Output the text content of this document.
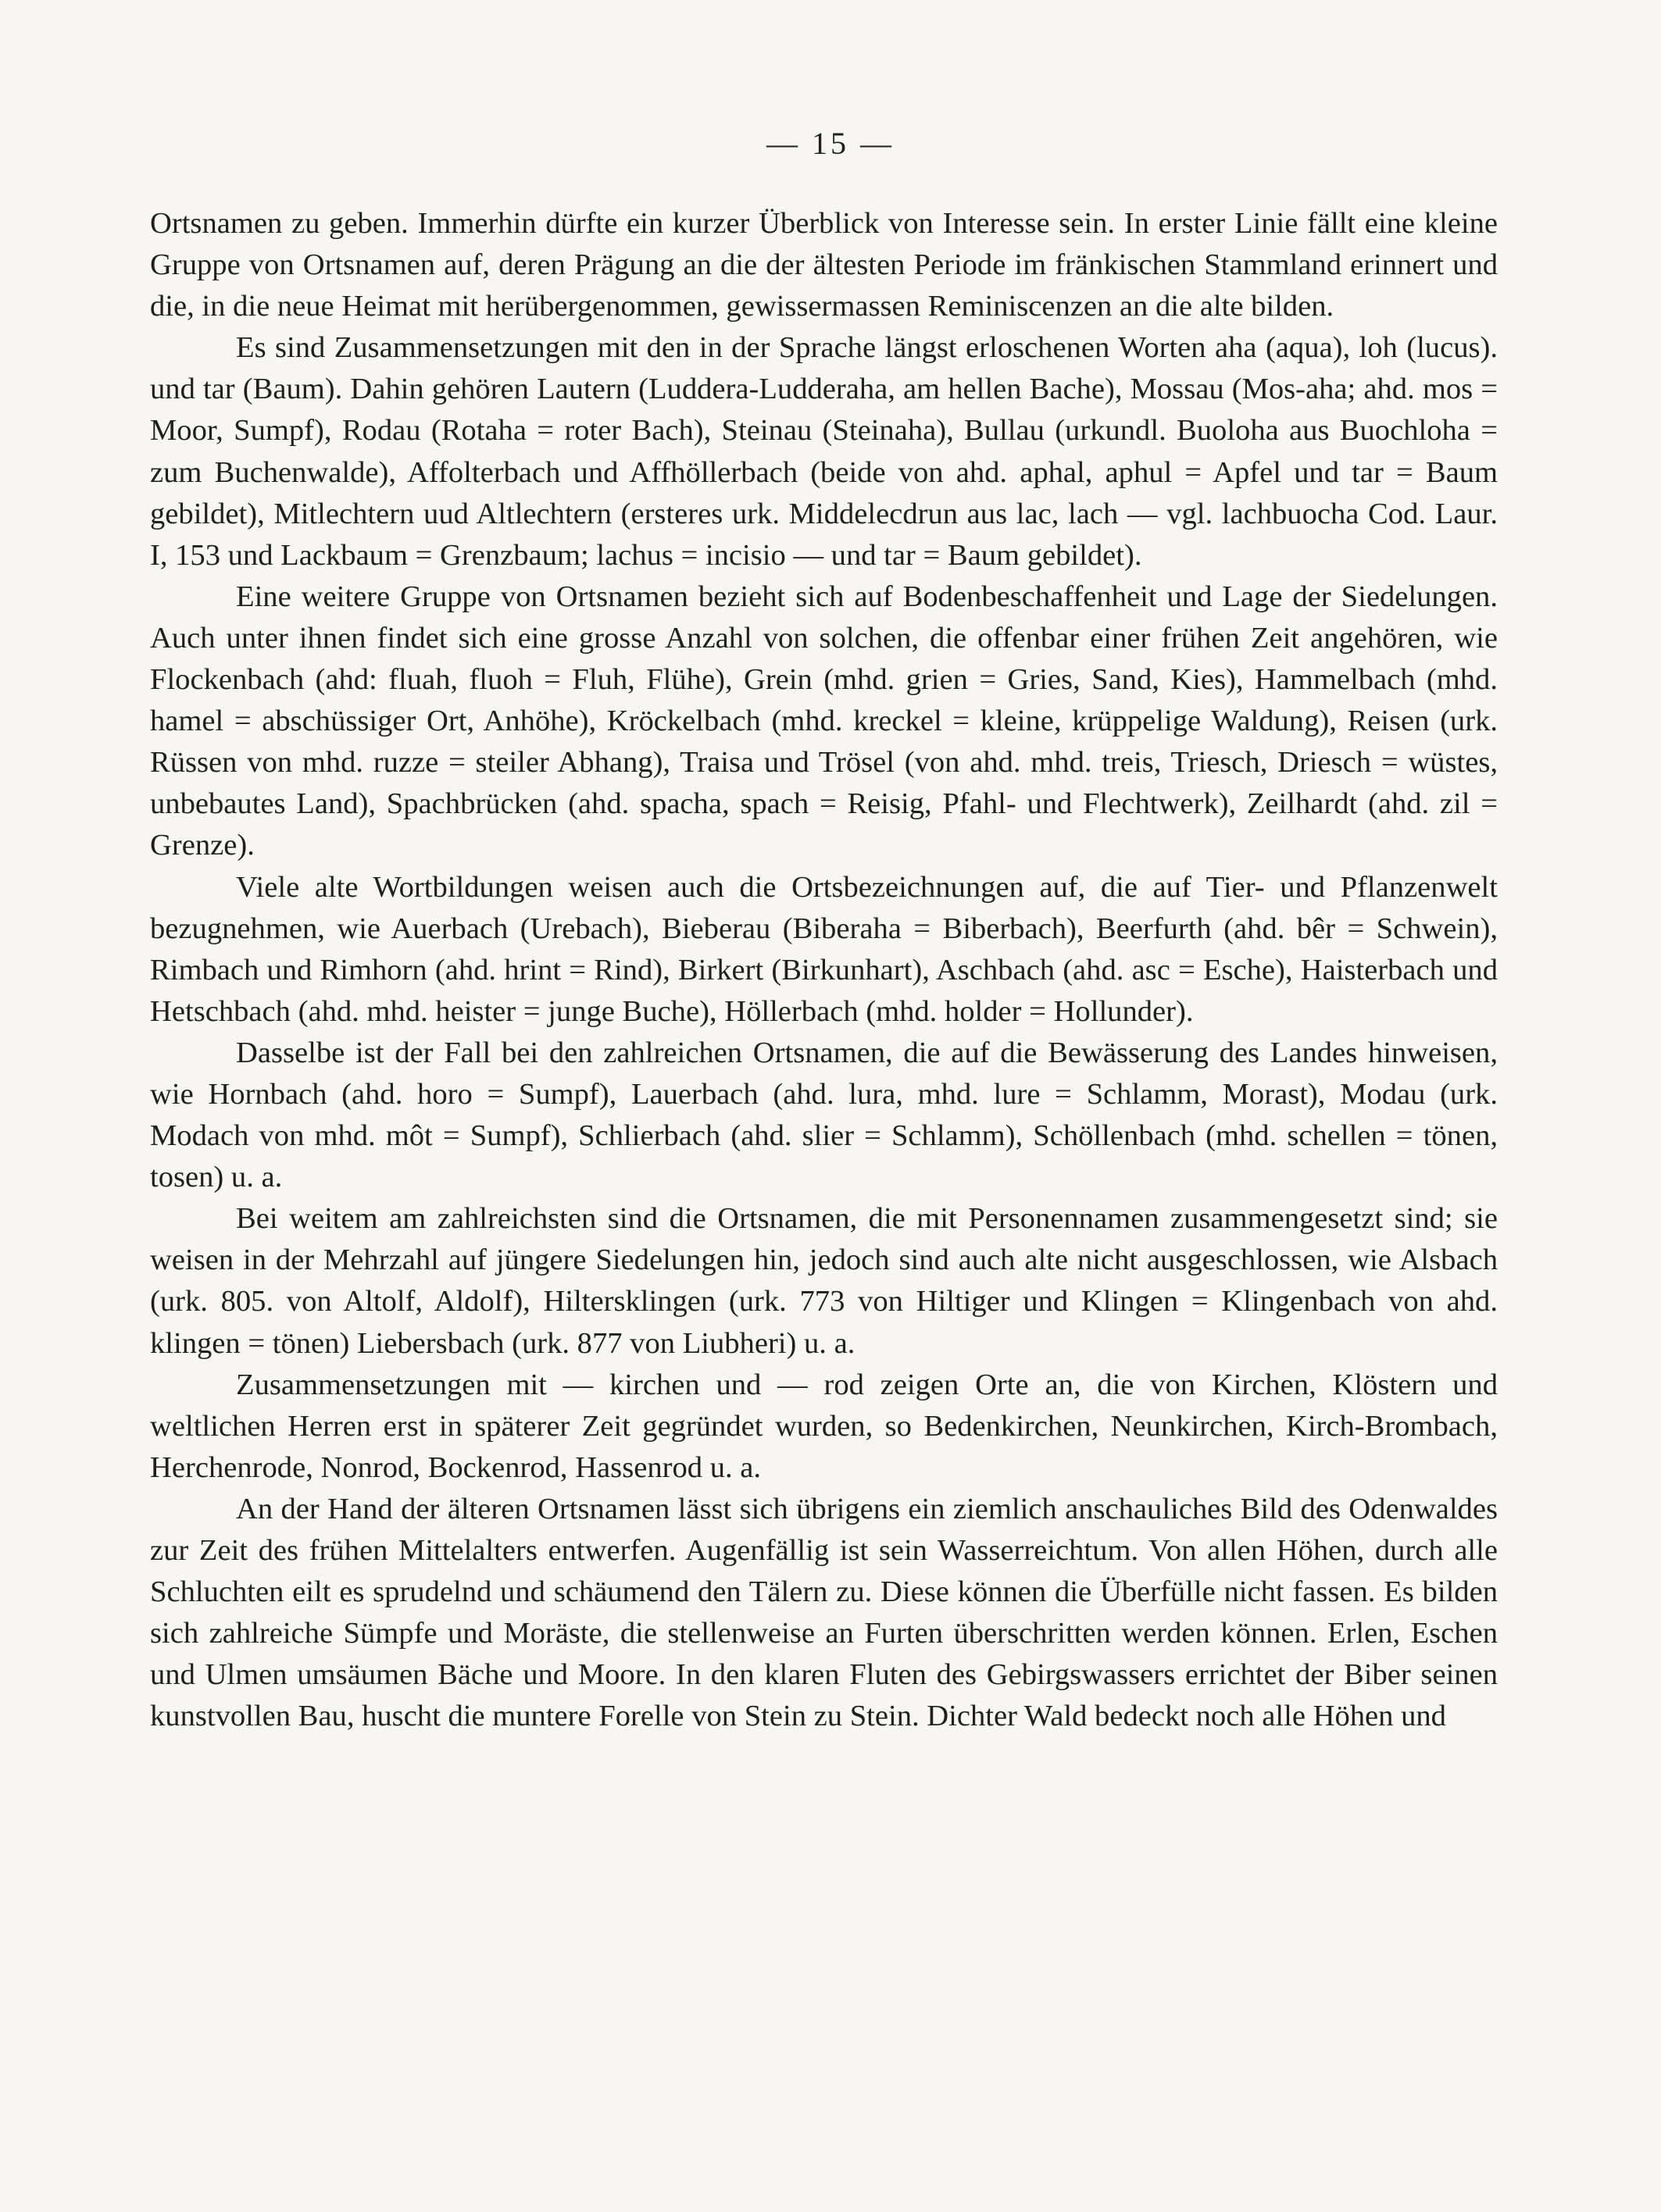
— 15 —

Ortsnamen zu geben. Immerhin dürfte ein kurzer Überblick von Interesse sein. In erster Linie fällt eine kleine Gruppe von Ortsnamen auf, deren Prägung an die der ältesten Periode im fränkischen Stammland erinnert und die, in die neue Heimat mit herübergenommen, gewissermassen Reminiscenzen an die alte bilden.

Es sind Zusammensetzungen mit den in der Sprache längst erloschenen Worten aha (aqua), loh (lucus). und tar (Baum). Dahin gehören Lautern (Luddera-Ludderaha, am hellen Bache), Mossau (Mos-aha; ahd. mos = Moor, Sumpf), Rodau (Rotaha = roter Bach), Steinau (Steinaha), Bullau (urkundl. Buoloha aus Buochloha = zum Buchenwalde), Affolterbach und Affhöllerbach (beide von ahd. aphal, aphul = Apfel und tar = Baum gebildet), Mitlechtern uud Altlechtern (ersteres urk. Middelecdrun aus lac, lach — vgl. lachbuocha Cod. Laur. I, 153 und Lackbaum = Grenzbaum; lachus = incisio — und tar = Baum gebildet).

Eine weitere Gruppe von Ortsnamen bezieht sich auf Bodenbeschaffenheit und Lage der Siedelungen. Auch unter ihnen findet sich eine grosse Anzahl von solchen, die offenbar einer frühen Zeit angehören, wie Flockenbach (ahd: fluah, fluoh = Fluh, Flühe), Grein (mhd. grien = Gries, Sand, Kies), Hammelbach (mhd. hamel = abschüssiger Ort, Anhöhe), Kröckelbach (mhd. kreckel = kleine, krüppelige Waldung), Reisen (urk. Rüssen von mhd. ruzze = steiler Abhang), Traisa und Trösel (von ahd. mhd. treis, Triesch, Driesch = wüstes, unbebautes Land), Spachbrücken (ahd. spacha, spach = Reisig, Pfahl- und Flechtwerk), Zeilhardt (ahd. zil = Grenze).

Viele alte Wortbildungen weisen auch die Ortsbezeichnungen auf, die auf Tier- und Pflanzenwelt bezugnehmen, wie Auerbach (Urebach), Bieberau (Biberaha = Biberbach), Beerfurth (ahd. bêr = Schwein), Rimbach und Rimhorn (ahd. hrint = Rind), Birkert (Birkunhart), Aschbach (ahd. asc = Esche), Haisterbach und Hetschbach (ahd. mhd. heister = junge Buche), Höllerbach (mhd. holder = Hollunder).

Dasselbe ist der Fall bei den zahlreichen Ortsnamen, die auf die Bewässerung des Landes hinweisen, wie Hornbach (ahd. horo = Sumpf), Lauerbach (ahd. lura, mhd. lure = Schlamm, Morast), Modau (urk. Modach von mhd. môt = Sumpf), Schlierbach (ahd. slier = Schlamm), Schöllenbach (mhd. schellen = tönen, tosen) u. a.

Bei weitem am zahlreichsten sind die Ortsnamen, die mit Personennamen zusammengesetzt sind; sie weisen in der Mehrzahl auf jüngere Siedelungen hin, jedoch sind auch alte nicht ausgeschlossen, wie Alsbach (urk. 805. von Altolf, Aldolf), Hiltersklingen (urk. 773 von Hiltiger und Klingen = Klingenbach von ahd. klingen = tönen) Liebersbach (urk. 877 von Liubheri) u. a.

Zusammensetzungen mit — kirchen und — rod zeigen Orte an, die von Kirchen, Klöstern und weltlichen Herren erst in späterer Zeit gegründet wurden, so Bedenkirchen, Neunkirchen, Kirch-Brombach, Herchenrode, Nonrod, Bockenrod, Hassenrod u. a.

An der Hand der älteren Ortsnamen lässt sich übrigens ein ziemlich anschauliches Bild des Odenwaldes zur Zeit des frühen Mittelalters entwerfen. Augenfällig ist sein Wasserreichtum. Von allen Höhen, durch alle Schluchten eilt es sprudelnd und schäumend den Tälern zu. Diese können die Überfülle nicht fassen. Es bilden sich zahlreiche Sümpfe und Moräste, die stellenweise an Furten überschritten werden können. Erlen, Eschen und Ulmen umsäumen Bäche und Moore. In den klaren Fluten des Gebirgswassers errichtet der Biber seinen kunstvollen Bau, huscht die muntere Forelle von Stein zu Stein. Dichter Wald bedeckt noch alle Höhen und
